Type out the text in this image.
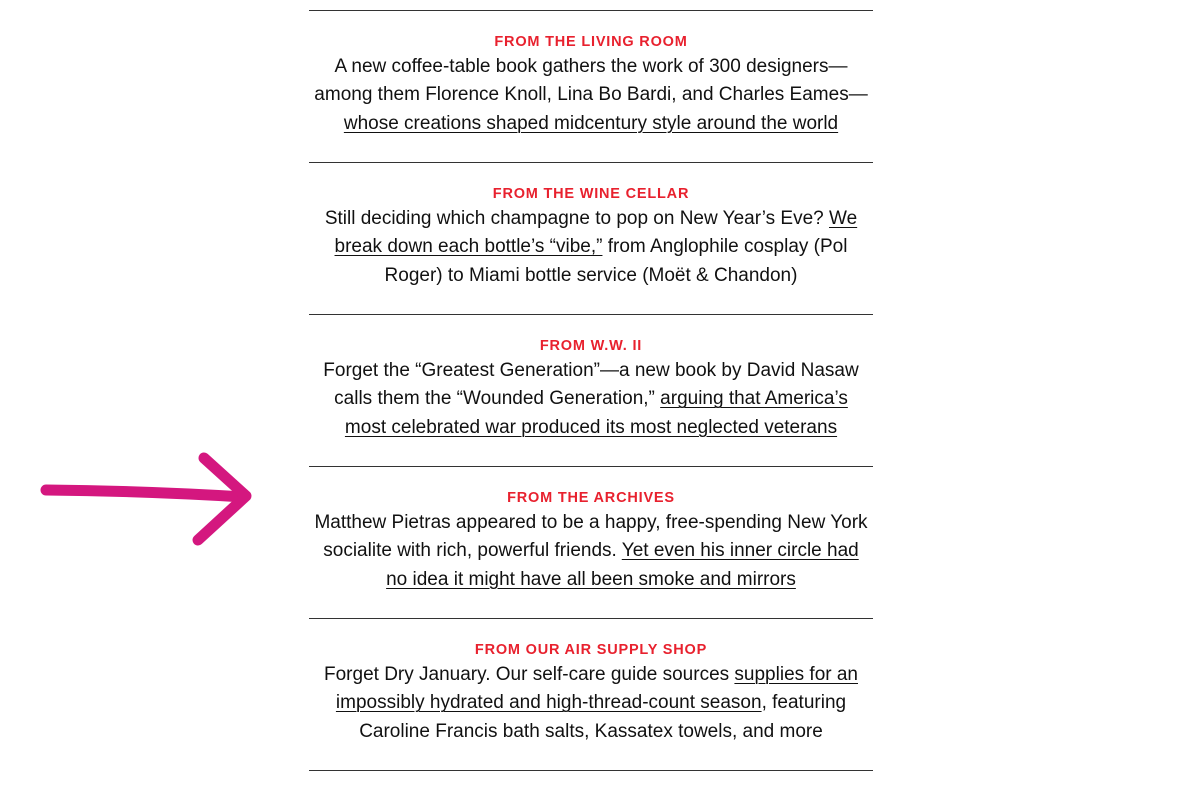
FROM THE LIVING ROOM

A new coffee-table book gathers the work of 300 designers—among them Florence Knoll, Lina Bo Bardi, and Charles Eames—whose creations shaped midcentury style around the world

FROM THE WINE CELLAR

Still deciding which champagne to pop on New Year’s Eve? We break down each bottle’s “vibe,” from Anglophile cosplay (Pol Roger) to Miami bottle service (Moët & Chandon)

FROM W.W. II

Forget the “Greatest Generation”—a new book by David Nasaw calls them the “Wounded Generation,” arguing that America’s most celebrated war produced its most neglected veterans

FROM THE ARCHIVES

Matthew Pietras appeared to be a happy, free-spending New York socialite with rich, powerful friends. Yet even his inner circle had no idea it might have all been smoke and mirrors

FROM OUR AIR SUPPLY SHOP

Forget Dry January. Our self-care guide sources supplies for an impossibly hydrated and high-thread-count season, featuring Caroline Francis bath salts, Kassatex towels, and more
